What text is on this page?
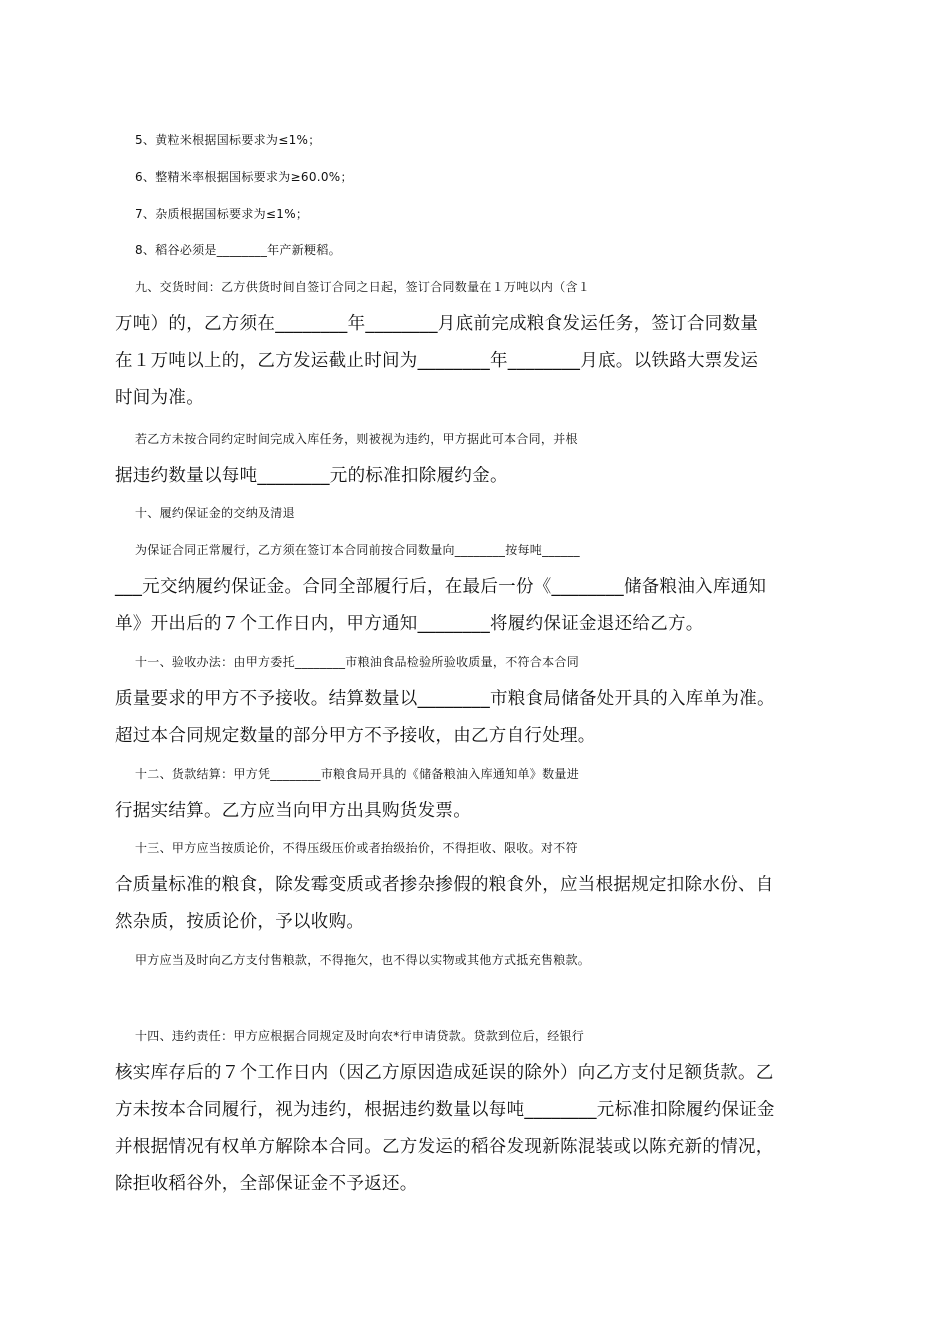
5、黄粒米根据国标要求为≤1%；
6、整精米率根据国标要求为≥60.0%；
7、杂质根据国标要求为≤1%；
8、稻谷必须是________年产新粳稻。
九、交货时间：乙方供货时间自签订合同之日起，签订合同数量在１万吨以内（含１
万吨）的，乙方须在________年________月底前完成粮食发运任务，签订合同数量
在１万吨以上的，乙方发运截止时间为________年________月底。以铁路大票发运
时间为准。
若乙方未按合同约定时间完成入库任务，则被视为违约，甲方据此可本合同，并根
据违约数量以每吨________元的标准扣除履约金。
十、履约保证金的交纳及清退
为保证合同正常履行，乙方须在签订本合同前按合同数量向________按每吨______
___元交纳履约保证金。合同全部履行后，在最后一份《________储备粮油入库通知
单》开出后的７个工作日内，甲方通知________将履约保证金退还给乙方。
十一、验收办法：由甲方委托________市粮油食品检验所验收质量，不符合本合同
质量要求的甲方不予接收。结算数量以________市粮食局储备处开具的入库单为准。
超过本合同规定数量的部分甲方不予接收，由乙方自行处理。
十二、货款结算：甲方凭________市粮食局开具的《储备粮油入库通知单》数量进
行据实结算。乙方应当向甲方出具购货发票。
十三、甲方应当按质论价，不得压级压价或者抬级抬价，不得拒收、限收。对不符
合质量标准的粮食，除发霉变质或者掺杂掺假的粮食外，应当根据规定扣除水份、自
然杂质，按质论价，予以收购。
甲方应当及时向乙方支付售粮款，不得拖欠，也不得以实物或其他方式抵充售粮款。
十四、违约责任：甲方应根据合同规定及时向农*行申请贷款。贷款到位后，经银行
核实库存后的７个工作日内（因乙方原因造成延误的除外）向乙方支付足额货款。乙
方未按本合同履行，视为违约，根据违约数量以每吨________元标准扣除履约保证金
并根据情况有权单方解除本合同。乙方发运的稻谷发现新陈混装或以陈充新的情况，
除拒收稻谷外，全部保证金不予返还。
